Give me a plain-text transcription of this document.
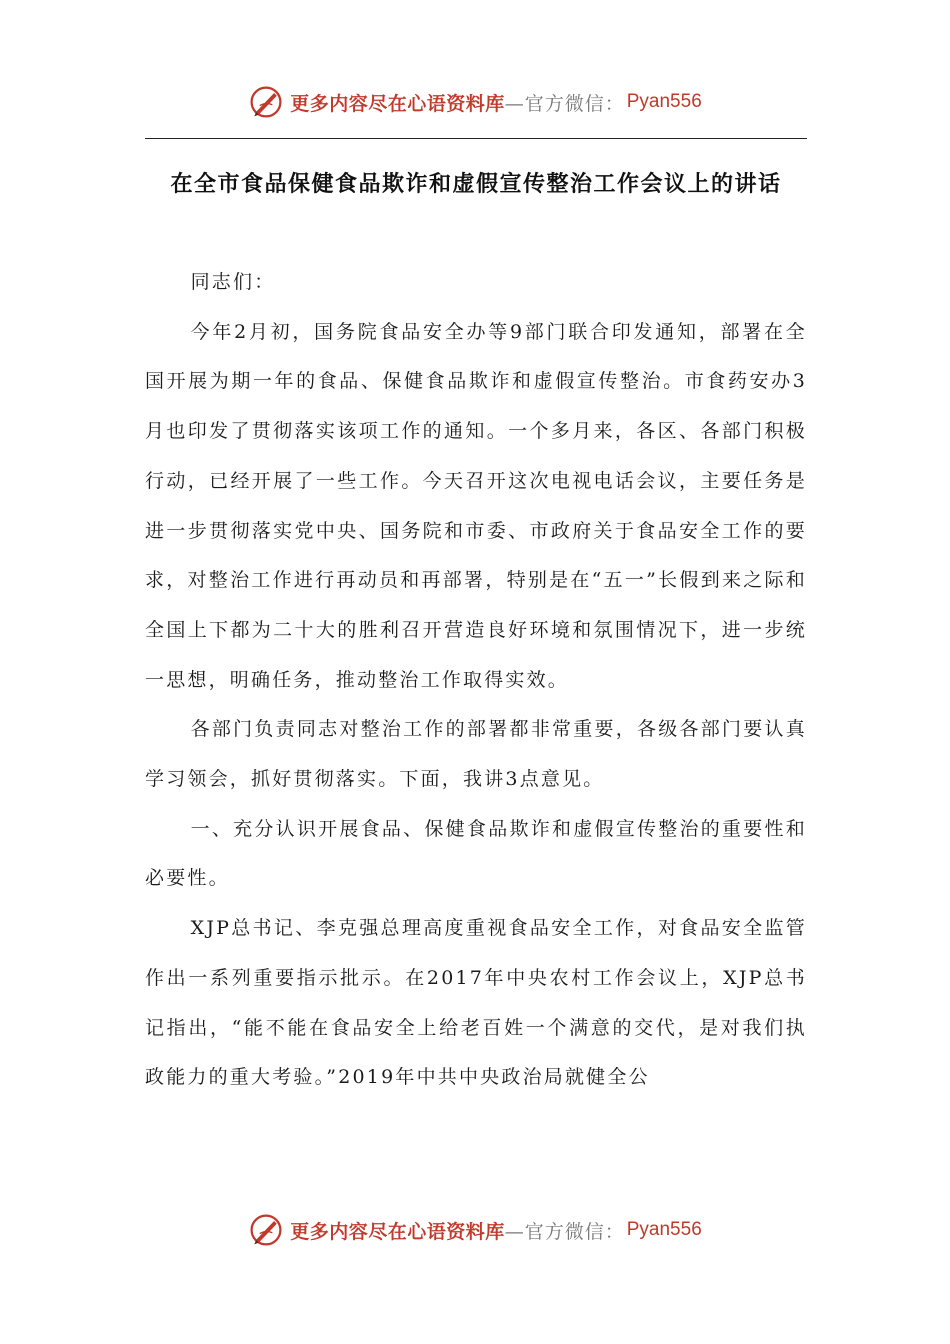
更多内容尽在心语资料库 —官方微信： Pyan556
在全市食品保健食品欺诈和虚假宣传整治工作会议上的讲话

同志们：

今年2月初，国务院食品安全办等9部门联合印发通知，部署在全国开展为期一年的食品、保健食品欺诈和虚假宣传整治。市食药安办3月也印发了贯彻落实该项工作的通知。一个多月来，各区、各部门积极行动，已经开展了一些工作。今天召开这次电视电话会议，主要任务是进一步贯彻落实党中央、国务院和市委、市政府关于食品安全工作的要求，对整治工作进行再动员和再部署，特别是在“五一”长假到来之际和全国上下都为二十大的胜利召开营造良好环境和氛围情况下，进一步统一思想，明确任务，推动整治工作取得实效。

各部门负责同志对整治工作的部署都非常重要，各级各部门要认真学习领会，抓好贯彻落实。下面，我讲3点意见。

一、充分认识开展食品、保健食品欺诈和虚假宣传整治的重要性和必要性。

XJP总书记、李克强总理高度重视食品安全工作，对食品安全监管作出一系列重要指示批示。在2017年中央农村工作会议上，XJP总书记指出，“能不能在食品安全上给老百姓一个满意的交代，是对我们执政能力的重大考验。”2019年中共中央政治局就健全公

更多内容尽在心语资料库 —官方微信： Pyan556
